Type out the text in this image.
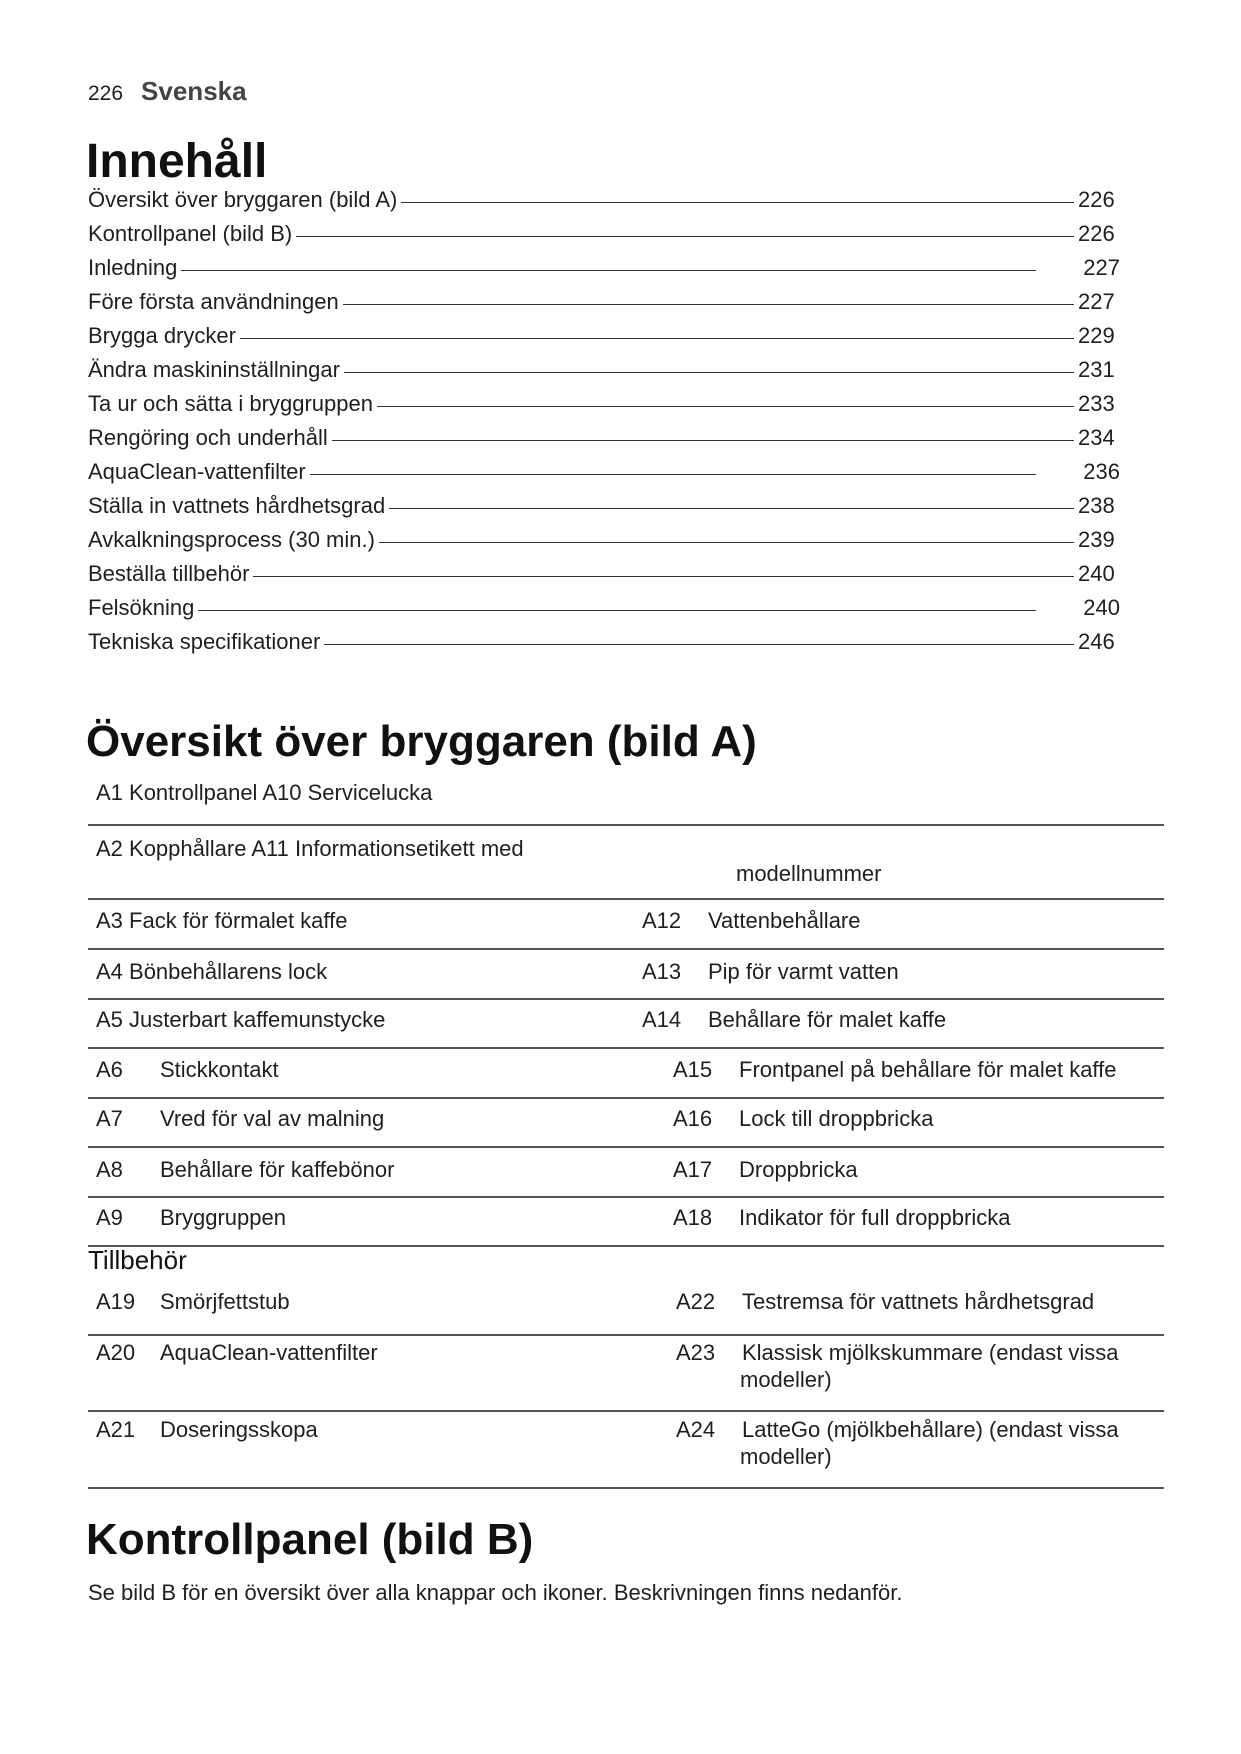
226 Svenska
Innehåll
Översikt över bryggaren (bild A)	226
Kontrollpanel (bild B)	226
Inledning	227
Före första användningen	227
Brygga drycker	229
Ändra maskininställningar	231
Ta ur och sätta i bryggruppen	233
Rengöring och underhåll	234
AquaClean-vattenfilter	236
Ställa in vattnets hårdhetsgrad	238
Avkalkningsprocess (30 min.)	239
Beställa tillbehör	240
Felsökning	240
Tekniska specifikationer	246
Översikt över bryggaren (bild A)
A1 Kontrollpanel A10 Servicelucka
A2 Kopphållare A11 Informationsetikett med
modellnummer
A3 Fack för förmalet kaffe	A12 Vattenbehållare
A4 Bönbehållarens lock	A13 Pip för varmt vatten
A5 Justerbart kaffemunstycke	A14 Behållare för malet kaffe
A6 Stickkontakt	A15 Frontpanel på behållare för malet kaffe
A7 Vred för val av malning	A16 Lock till droppbricka
A8 Behållare för kaffebönor	A17 Droppbricka
A9 Bryggruppen	A18 Indikator för full droppbricka
Tillbehör
A19 Smörjfettstub	A22 Testremsa för vattnets hårdhetsgrad
A20 AquaClean-vattenfilter	A23 Klassisk mjölkskummare (endast vissa
modeller)
A21 Doseringsskopa	A24 LatteGo (mjölkbehållare) (endast vissa
modeller)
Kontrollpanel (bild B)
Se bild B för en översikt över alla knappar och ikoner. Beskrivningen finns nedanför.
